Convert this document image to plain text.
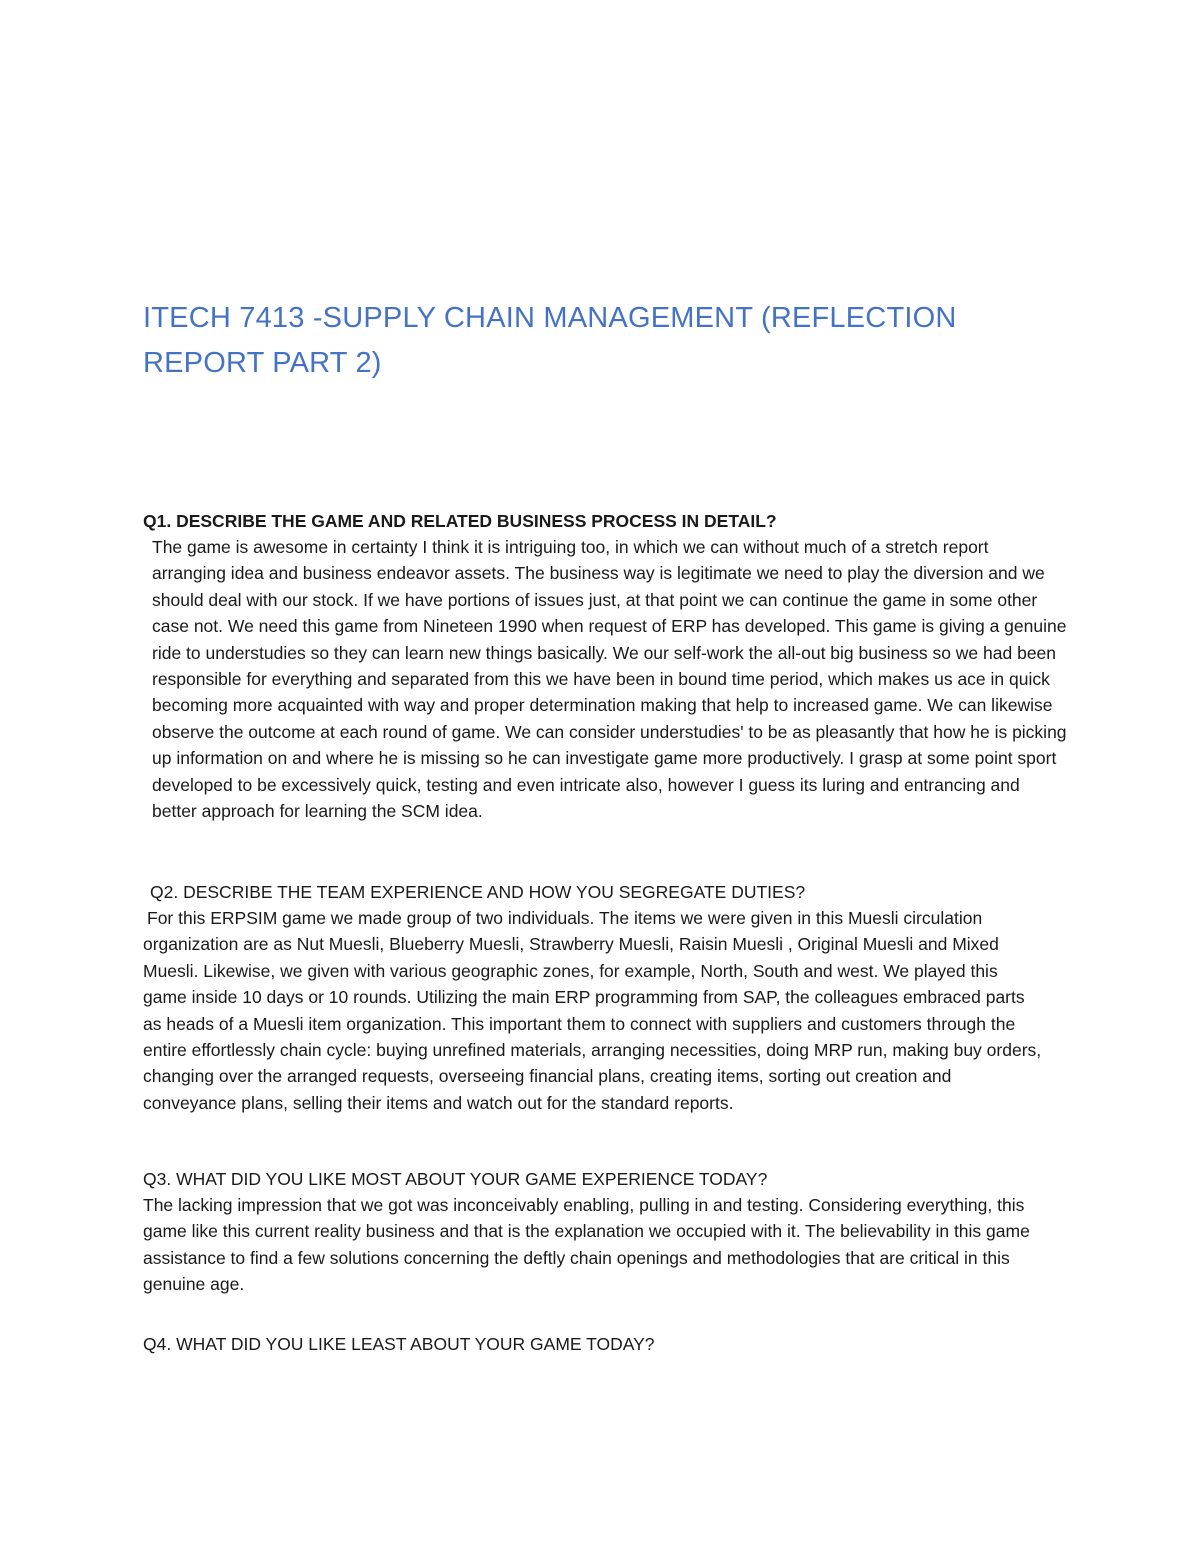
ITECH 7413 -SUPPLY CHAIN MANAGEMENT (REFLECTION REPORT PART 2)

Q1. DESCRIBE THE GAME AND RELATED BUSINESS PROCESS IN DETAIL?

The game is awesome in certainty I think it is intriguing too, in which we can without much of a stretch report arranging idea and business endeavor assets. The business way is legitimate we need to play the diversion and we should deal with our stock. If we have portions of issues just, at that point we can continue the game in some other case not. We need this game from Nineteen 1990 when request of ERP has developed. This game is giving a genuine ride to understudies so they can learn new things basically. We our self-work the all-out big business so we had been responsible for everything and separated from this we have been in bound time period, which makes us ace in quick becoming more acquainted with way and proper determination making that help to increased game. We can likewise observe the outcome at each round of game. We can consider understudies' to be as pleasantly that how he is picking up information on and where he is missing so he can investigate game more productively. I grasp at some point sport developed to be excessively quick, testing and even intricate also, however I guess its luring and entrancing and better approach for learning the SCM idea.

Q2. DESCRIBE THE TEAM EXPERIENCE AND HOW YOU SEGREGATE DUTIES?

For this ERPSIM game we made group of two individuals. The items we were given in this Muesli circulation organization are as Nut Muesli, Blueberry Muesli, Strawberry Muesli, Raisin Muesli , Original Muesli and Mixed Muesli. Likewise, we given with various geographic zones, for example, North, South and west. We played this game inside 10 days or 10 rounds. Utilizing the main ERP programming from SAP, the colleagues embraced parts as heads of a Muesli item organization. This important them to connect with suppliers and customers through the entire effortlessly chain cycle: buying unrefined materials, arranging necessities, doing MRP run, making buy orders, changing over the arranged requests, overseeing financial plans, creating items, sorting out creation and conveyance plans, selling their items and watch out for the standard reports.

Q3. WHAT DID YOU LIKE MOST ABOUT YOUR GAME EXPERIENCE TODAY?

The lacking impression that we got was inconceivably enabling, pulling in and testing. Considering everything, this game like this current reality business and that is the explanation we occupied with it. The believability in this game assistance to find a few solutions concerning the deftly chain openings and methodologies that are critical in this genuine age.

Q4. WHAT DID YOU LIKE LEAST ABOUT YOUR GAME TODAY?
